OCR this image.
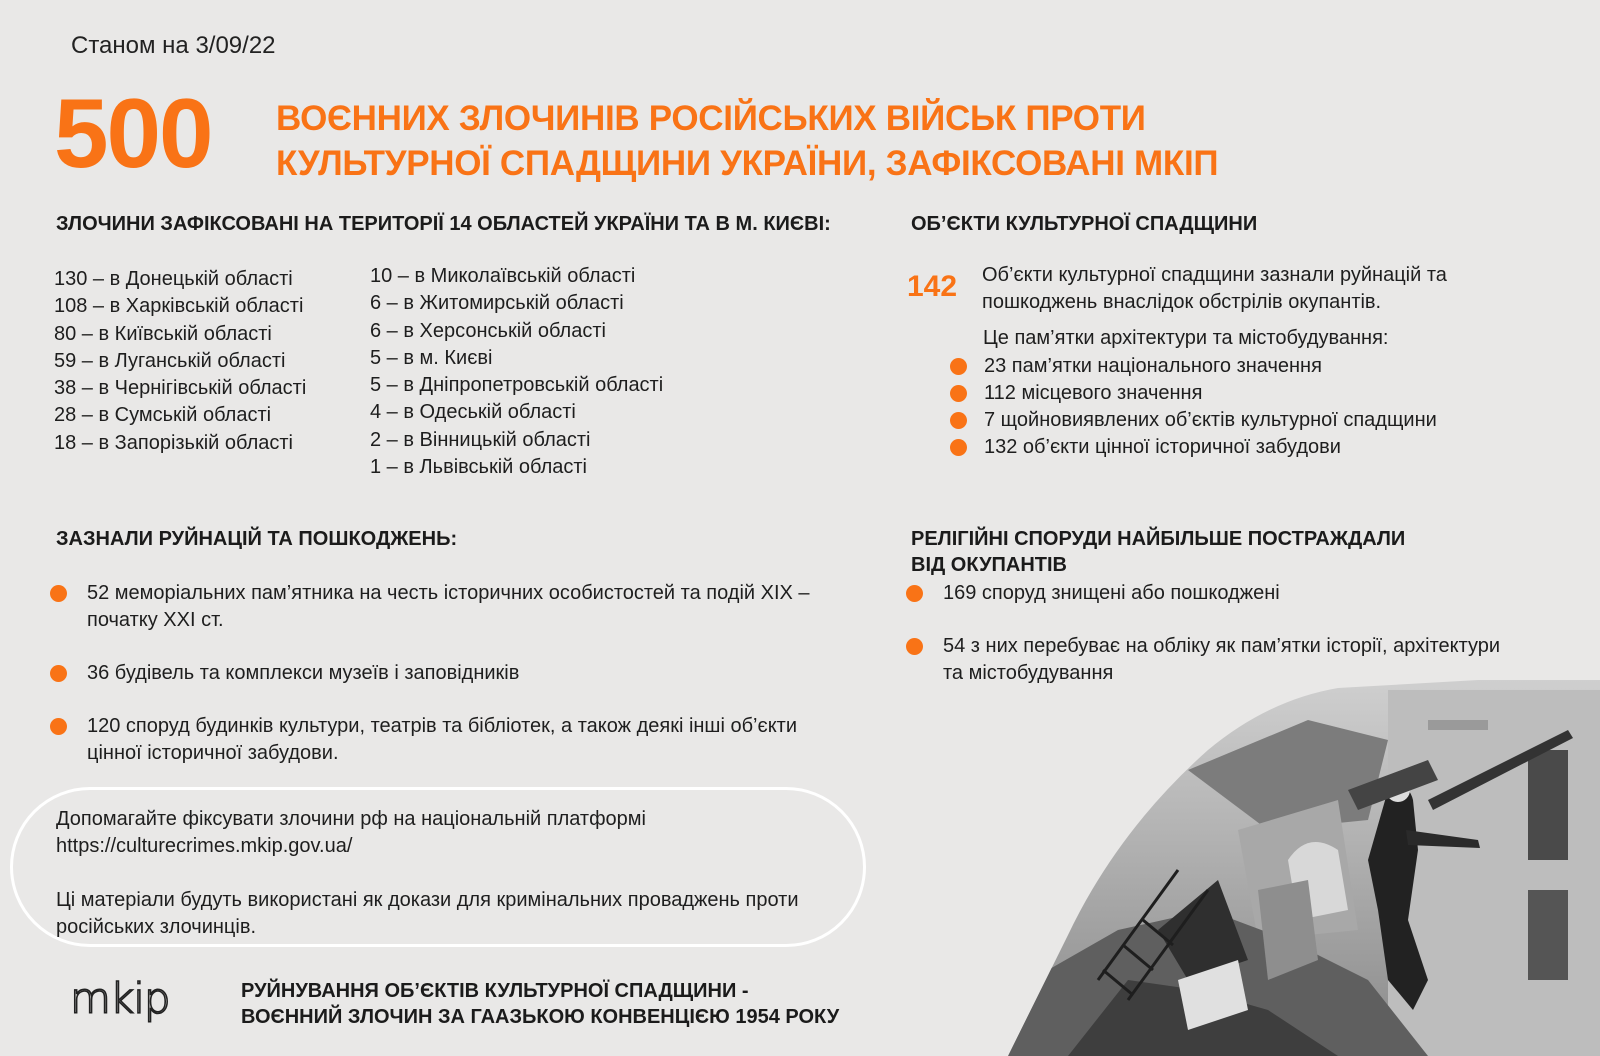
Станом на 3/09/22
500 ВОЄННИХ ЗЛОЧИНІВ РОСІЙСЬКИХ ВІЙСЬК ПРОТИ
КУЛЬТУРНОЇ СПАДЩИНИ УКРАЇНИ, ЗАФІКСОВАНІ МКІП
ЗЛОЧИНИ ЗАФІКСОВАНІ НА ТЕРИТОРІЇ 14 ОБЛАСТЕЙ УКРАЇНИ ТА В М. КИЄВІ:
130 – в Донецькій області
108 – в Харківській області
80 – в Київській області
59 – в Луганській області
38 – в Чернігівській області
28 – в Сумській області
18 – в Запорізькій області
10 – в Миколаївській області
6 – в Житомирській області
6 – в Херсонській області
5 – в м. Києві
5 – в Дніпропетровській області
4 – в Одеській області
2 – в Вінницькій області
1 – в Львівській області
ОБ’ЄКТИ КУЛЬТУРНОЇ СПАДЩИНИ
142 Об’єкти культурної спадщини зазнали руйнацій та
пошкоджень внаслідок обстрілів окупантів.
Це пам’ятки архітектури та містобудування:
23 пам’ятки національного значення
112 місцевого значення
7 щойновиявлених об’єктів культурної спадщини
132 об’єкти цінної історичної забудови
ЗАЗНАЛИ РУЙНАЦІЙ ТА ПОШКОДЖЕНЬ:
52 меморіальних пам’ятника на честь історичних особистостей та подій XIX –
початку XXI ст.
36 будівель та комплекси музеїв і заповідників
120 споруд будинків культури, театрів та бібліотек, а також деякі інші об’єкти
цінної історичної забудови.
РЕЛІГІЙНІ СПОРУДИ НАЙБІЛЬШЕ ПОСТРАЖДАЛИ
ВІД ОКУПАНТІВ
169 споруд знищені або пошкоджені
54 з них перебуває на обліку як пам’ятки історії, архітектури
та містобудування

Допомагайте фіксувати злочини рф на національній платформі
https://culturecrimes.mkip.gov.ua/

Ці матеріали будуть використані як докази для кримінальних проваджень проти
російських злочинців.

mkip	РУЙНУВАННЯ ОБ’ЄКТІВ КУЛЬТУРНОЇ СПАДЩИНИ -
ВОЄННИЙ ЗЛОЧИН ЗА ГААЗЬКОЮ КОНВЕНЦІЄЮ 1954 РОКУ
